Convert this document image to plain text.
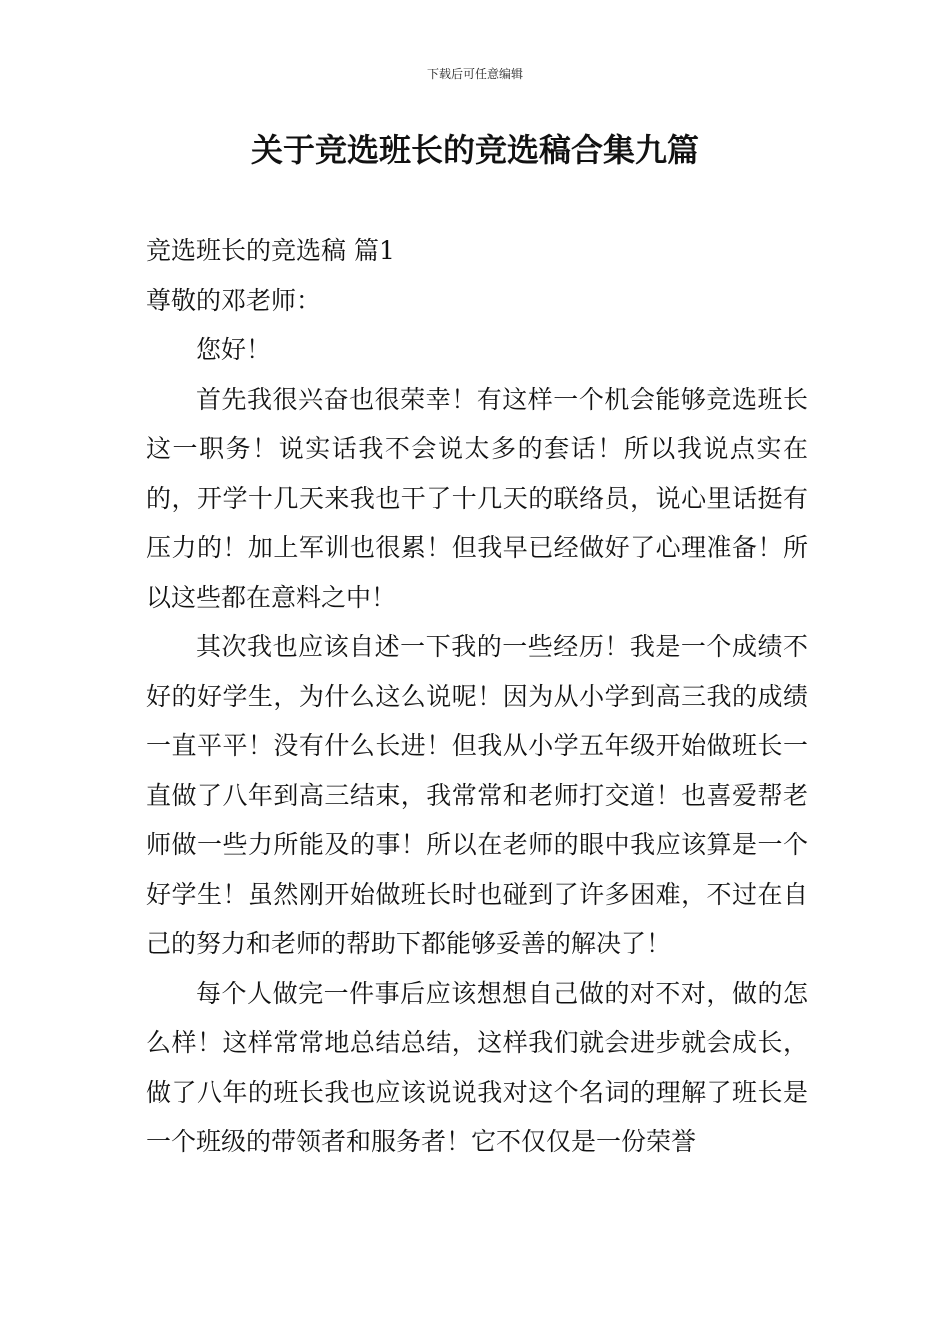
下载后可任意编辑
关于竞选班长的竞选稿合集九篇

竞选班长的竞选稿 篇1

尊敬的邓老师：

您好！

首先我很兴奋也很荣幸！有这样一个机会能够竞选班长这一职务！说实话我不会说太多的套话！所以我说点实在的，开学十几天来我也干了十几天的联络员，说心里话挺有压力的！加上军训也很累！但我早已经做好了心理准备！所以这些都在意料之中！

其次我也应该自述一下我的一些经历！我是一个成绩不好的好学生，为什么这么说呢！因为从小学到高三我的成绩一直平平！没有什么长进！但我从小学五年级开始做班长一直做了八年到高三结束，我常常和老师打交道！也喜爱帮老师做一些力所能及的事！所以在老师的眼中我应该算是一个好学生！虽然刚开始做班长时也碰到了许多困难，不过在自己的努力和老师的帮助下都能够妥善的解决了！

每个人做完一件事后应该想想自己做的对不对，做的怎么样！这样常常地总结总结，这样我们就会进步就会成长，做了八年的班长我也应该说说我对这个名词的理解了班长是一个班级的带领者和服务者！它不仅仅是一份荣誉
